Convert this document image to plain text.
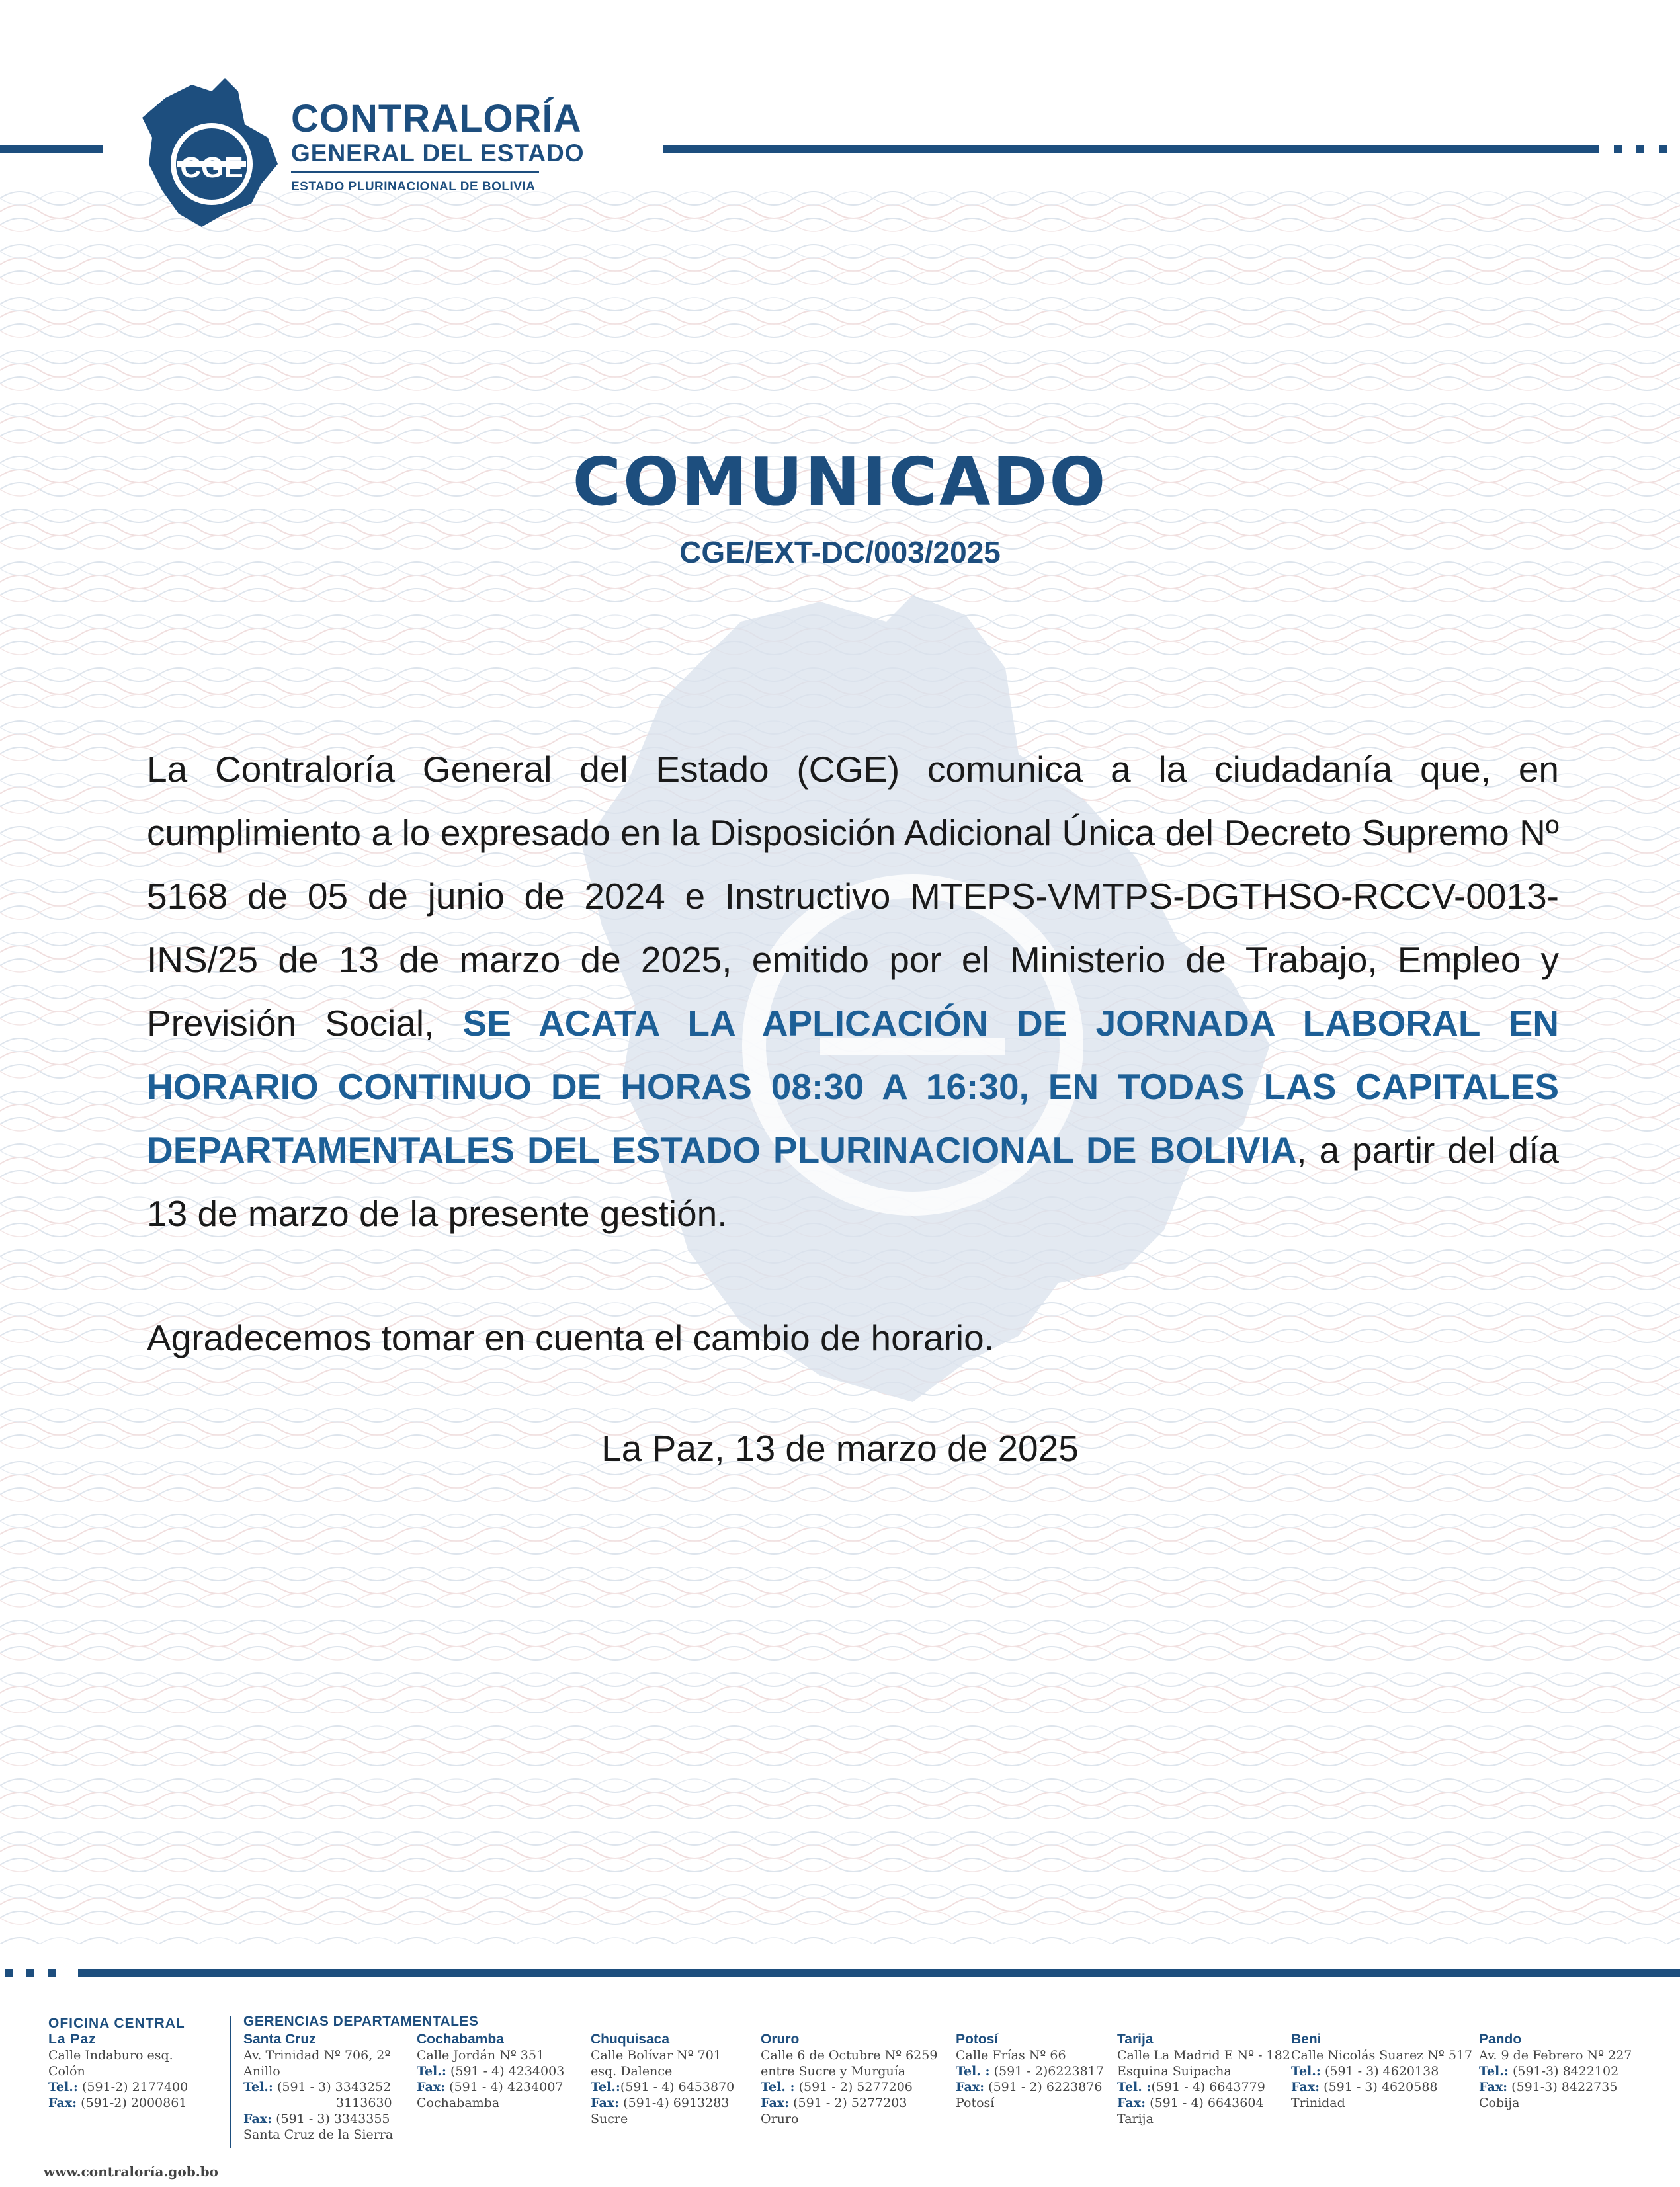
CGE
CONTRALORÍA
GENERAL DEL ESTADO
ESTADO PLURINACIONAL DE BOLIVIA
COMUNICADO
CGE/EXT-DC/003/2025

La Contraloría General del Estado (CGE) comunica a la ciudadanía que, en cumplimiento a lo expresado en la Disposición Adicional Única del Decreto Supremo Nº 5168 de 05 de junio de 2024 e Instructivo MTEPS-VMTPS-DGTHSO-RCCV-0013-INS/25 de 13 de marzo de 2025, emitido por el Ministerio de Trabajo, Empleo y Previsión Social, SE ACATA LA APLICACIÓN DE JORNADA LABORAL EN HORARIO CONTINUO DE HORAS 08:30 A 16:30, EN TODAS LAS CAPITALES DEPARTAMENTALES DEL ESTADO PLURINACIONAL DE BOLIVIA, a partir del día 13 de marzo de la presente gestión.

Agradecemos tomar en cuenta el cambio de horario.
La Paz, 13 de marzo de 2025
OFICINA CENTRAL
La Paz
Calle Indaburo esq.
Colón
Tel.: (591-2) 2177400
Fax: (591-2) 2000861
www.contraloría.gob.bo
GERENCIAS DEPARTAMENTALES
Santa Cruz
Av. Trinidad Nº 706, 2º
Anillo
Tel.: (591 - 3) 3343252
3113630
Fax: (591 - 3) 3343355
Santa Cruz de la Sierra
Cochabamba
Calle Jordán Nº 351
Tel.: (591 - 4) 4234003
Fax: (591 - 4) 4234007
Cochabamba
Chuquisaca
Calle Bolívar Nº 701
esq. Dalence
Tel.:(591 - 4) 6453870
Fax: (591-4) 6913283
Sucre
Oruro
Calle 6 de Octubre Nº 6259
entre Sucre y Murguía
Tel. : (591 - 2) 5277206
Fax: (591 - 2) 5277203
Oruro
Potosí
Calle Frías Nº 66
Tel. : (591 - 2)6223817
Fax: (591 - 2) 6223876
Potosí
Tarija
Calle La Madrid E Nº - 182
Esquina Suipacha
Tel. :(591 - 4) 6643779
Fax: (591 - 4) 6643604
Tarija
Beni
Calle Nicolás Suarez Nº 517
Tel.: (591 - 3) 4620138
Fax: (591 - 3) 4620588
Trinidad
Pando
Av. 9 de Febrero Nº 227
Tel.: (591-3) 8422102
Fax: (591-3) 8422735
Cobija
